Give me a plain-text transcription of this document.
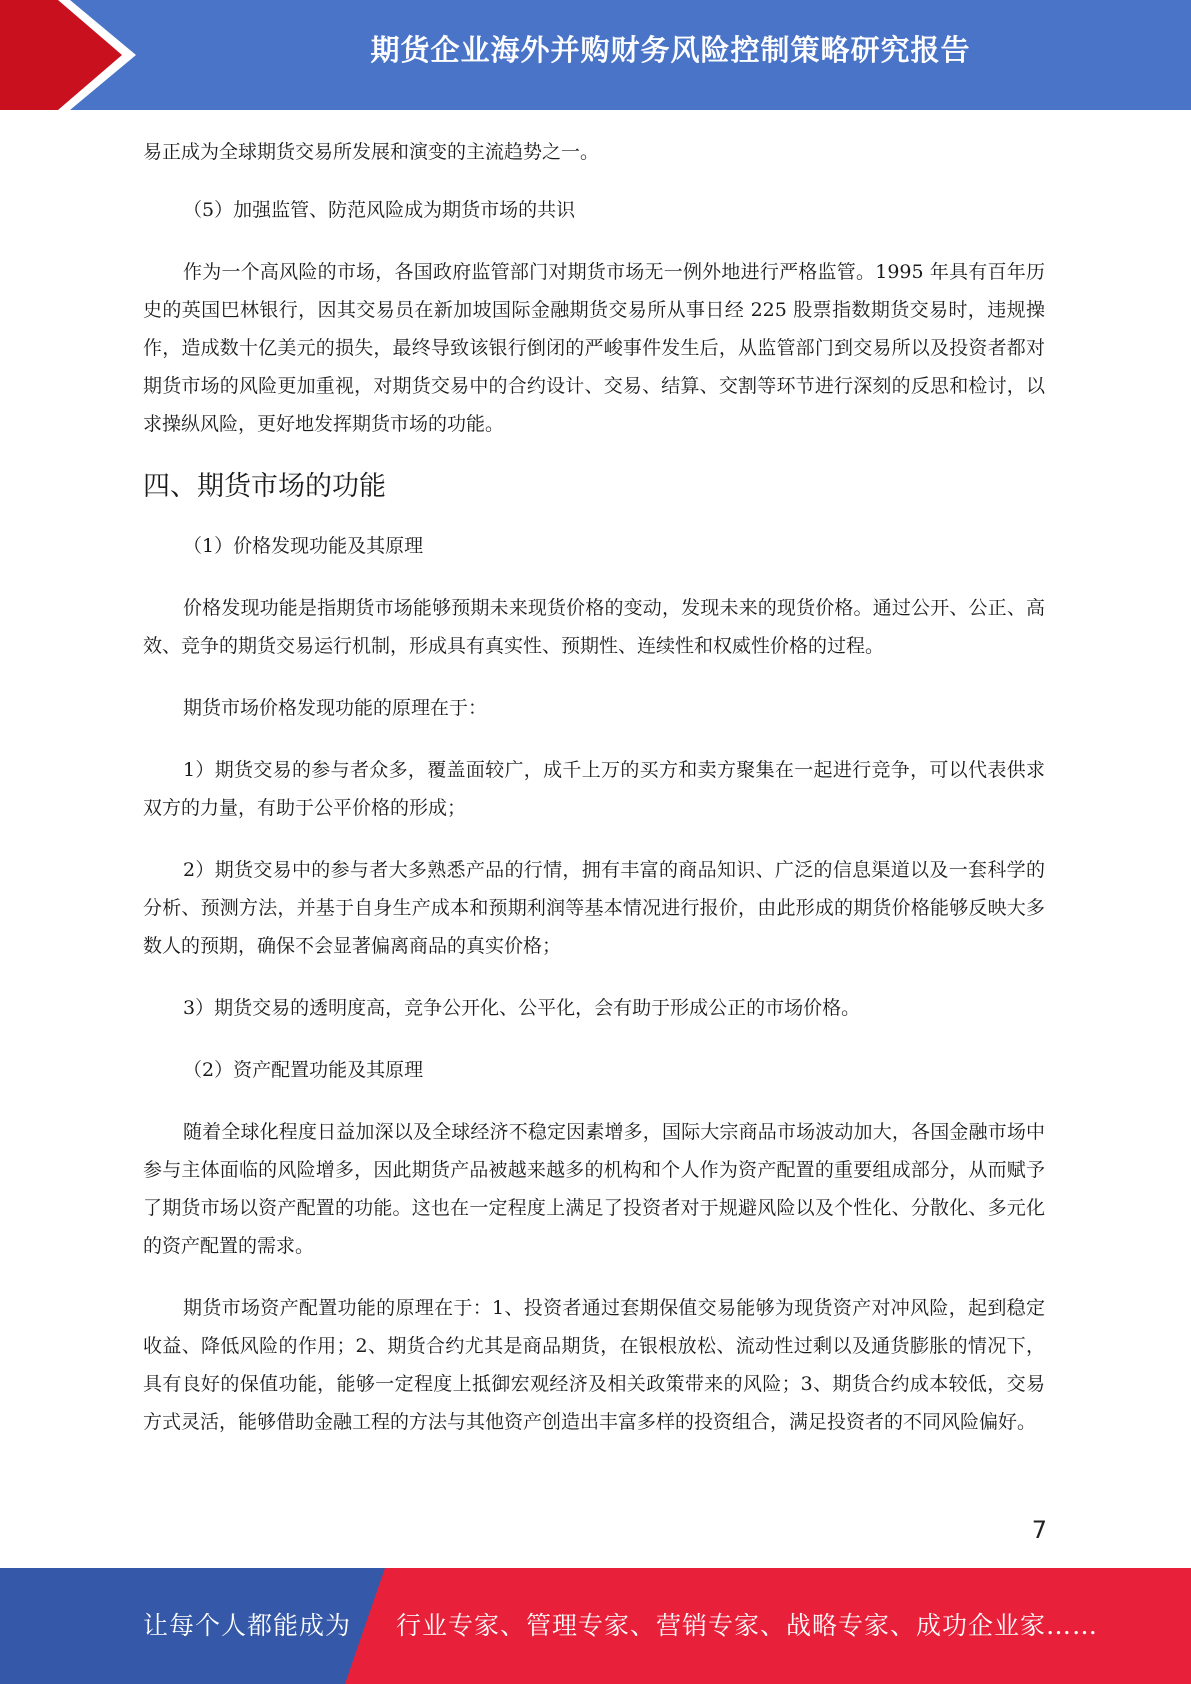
期货企业海外并购财务风险控制策略研究报告

易正成为全球期货交易所发展和演变的主流趋势之一。

（5）加强监管、防范风险成为期货市场的共识

作为一个高风险的市场，各国政府监管部门对期货市场无一例外地进行严格监管。1995 年具有百年历史的英国巴林银行，因其交易员在新加坡国际金融期货交易所从事日经 225 股票指数期货交易时，违规操作，造成数十亿美元的损失，最终导致该银行倒闭的严峻事件发生后，从监管部门到交易所以及投资者都对期货市场的风险更加重视，对期货交易中的合约设计、交易、结算、交割等环节进行深刻的反思和检讨，以求操纵风险，更好地发挥期货市场的功能。

四、期货市场的功能

（1）价格发现功能及其原理

价格发现功能是指期货市场能够预期未来现货价格的变动，发现未来的现货价格。通过公开、公正、高效、竞争的期货交易运行机制，形成具有真实性、预期性、连续性和权威性价格的过程。

期货市场价格发现功能的原理在于：

1）期货交易的参与者众多，覆盖面较广，成千上万的买方和卖方聚集在一起进行竞争，可以代表供求双方的力量，有助于公平价格的形成；

2）期货交易中的参与者大多熟悉产品的行情，拥有丰富的商品知识、广泛的信息渠道以及一套科学的分析、预测方法，并基于自身生产成本和预期利润等基本情况进行报价，由此形成的期货价格能够反映大多数人的预期，确保不会显著偏离商品的真实价格；

3）期货交易的透明度高，竞争公开化、公平化，会有助于形成公正的市场价格。

（2）资产配置功能及其原理

随着全球化程度日益加深以及全球经济不稳定因素增多，国际大宗商品市场波动加大，各国金融市场中参与主体面临的风险增多，因此期货产品被越来越多的机构和个人作为资产配置的重要组成部分，从而赋予了期货市场以资产配置的功能。这也在一定程度上满足了投资者对于规避风险以及个性化、分散化、多元化的资产配置的需求。

期货市场资产配置功能的原理在于：1、投资者通过套期保值交易能够为现货资产对冲风险，起到稳定收益、降低风险的作用；2、期货合约尤其是商品期货，在银根放松、流动性过剩以及通货膨胀的情况下，具有良好的保值功能，能够一定程度上抵御宏观经济及相关政策带来的风险；3、期货合约成本较低，交易方式灵活，能够借助金融工程的方法与其他资产创造出丰富多样的投资组合，满足投资者的不同风险偏好。

7
让每个人都能成为 行业专家、管理专家、营销专家、战略专家、成功企业家……
